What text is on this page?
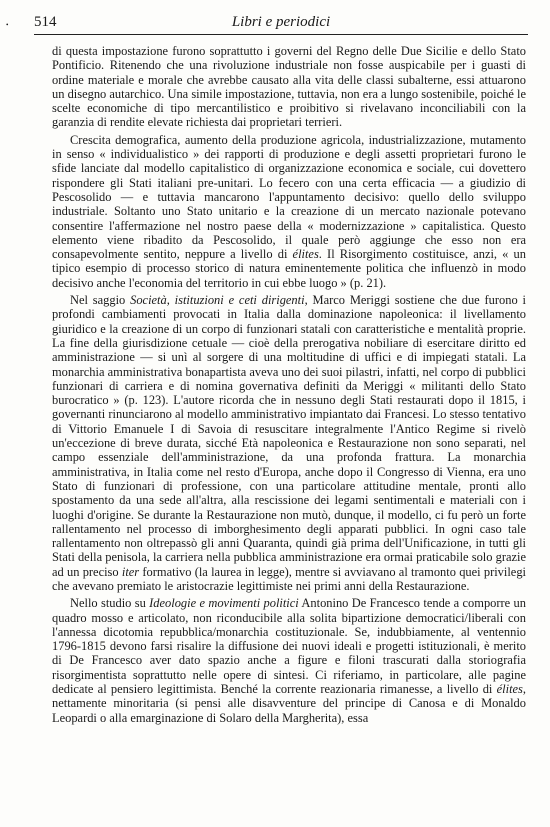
514	Libri e periodici
•

di questa impostazione furono soprattutto i governi del Regno delle Due Sicilie e dello Stato Pontificio. Ritenendo che una rivoluzione industriale non fosse auspicabile per i guasti di ordine materiale e morale che avrebbe causato alla vita delle classi subalterne, essi attuarono un disegno autarchico. Una simile impostazione, tuttavia, non era a lungo sostenibile, poiché le scelte economiche di tipo mercantilistico e proibitivo si rivelavano inconciliabili con la garanzia di rendite elevate richiesta dai proprietari terrieri.

Crescita demografica, aumento della produzione agricola, industrializzazione, mutamento in senso « individualistico » dei rapporti di produzione e degli assetti proprietari furono le sfide lanciate dal modello capitalistico di organizzazione economica e sociale, cui dovettero rispondere gli Stati italiani pre-unitari. Lo fecero con una certa efficacia — a giudizio di Pescosolido — e tuttavia mancarono l'appuntamento decisivo: quello dello sviluppo industriale. Soltanto uno Stato unitario e la creazione di un mercato nazionale potevano consentire l'affermazione nel nostro paese della « modernizzazione » capitalistica. Questo elemento viene ribadito da Pescosolido, il quale però aggiunge che esso non era consapevolmente sentito, neppure a livello di élites. Il Risorgimento costituisce, anzi, « un tipico esempio di processo storico di natura eminentemente politica che influenzò in modo decisivo anche l'economia del territorio in cui ebbe luogo » (p. 21).

Nel saggio Società, istituzioni e ceti dirigenti, Marco Meriggi sostiene che due furono i profondi cambiamenti provocati in Italia dalla dominazione napoleonica: il livellamento giuridico e la creazione di un corpo di funzionari statali con caratteristiche e mentalità proprie. La fine della giurisdizione cetuale — cioè della prerogativa nobiliare di esercitare diritto ed amministrazione — si unì al sorgere di una moltitudine di uffici e di impiegati statali. La monarchia amministrativa bonapartista aveva uno dei suoi pilastri, infatti, nel corpo di pubblici funzionari di carriera e di nomina governativa definiti da Meriggi « militanti dello Stato burocratico » (p. 123). L'autore ricorda che in nessuno degli Stati restaurati dopo il 1815, i governanti rinunciarono al modello amministrativo impiantato dai Francesi. Lo stesso tentativo di Vittorio Emanuele I di Savoia di resuscitare integralmente l'Antico Regime si rivelò un'eccezione di breve durata, sicché Età napoleonica e Restaurazione non sono separati, nel campo essenziale dell'amministrazione, da una profonda frattura. La monarchia amministrativa, in Italia come nel resto d'Europa, anche dopo il Congresso di Vienna, era uno Stato di funzionari di professione, con una particolare attitudine mentale, pronti allo spostamento da una sede all'altra, alla rescissione dei legami sentimentali e materiali con i luoghi d'origine. Se durante la Restaurazione non mutò, dunque, il modello, ci fu però un forte rallentamento nel processo di imborghesimento degli apparati pubblici. In ogni caso tale rallentamento non oltrepassò gli anni Quaranta, quindi già prima dell'Unificazione, in tutti gli Stati della penisola, la carriera nella pubblica amministrazione era ormai praticabile solo grazie ad un preciso iter formativo (la laurea in legge), mentre si avviavano al tramonto quei privilegi che avevano premiato le aristocrazie legittimiste nei primi anni della Restaurazione.

Nello studio su Ideologie e movimenti politici Antonino De Francesco tende a comporre un quadro mosso e articolato, non riconducibile alla solita bipartizione democratici/liberali con l'annessa dicotomia repubblica/monarchia costituzionale. Se, indubbiamente, al ventennio 1796-1815 devono farsi risalire la diffusione dei nuovi ideali e progetti istituzionali, è merito di De Francesco aver dato spazio anche a figure e filoni trascurati dalla storiografia risorgimentista soprattutto nelle opere di sintesi. Ci riferiamo, in particolare, alle pagine dedicate al pensiero legittimista. Benché la corrente reazionaria rimanesse, a livello di élites, nettamente minoritaria (si pensi alle disavventure del principe di Canosa e di Monaldo Leopardi o alla emarginazione di Solaro della Margherita), essa
